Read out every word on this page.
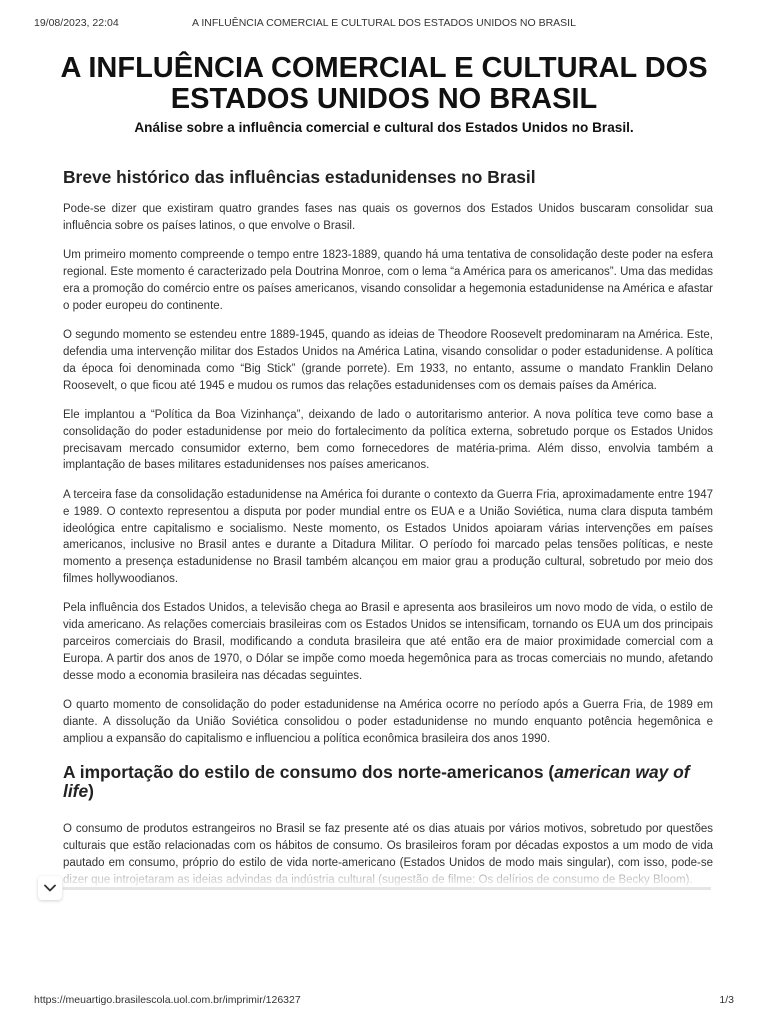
19/08/2023, 22:04	A INFLUÊNCIA COMERCIAL E CULTURAL DOS ESTADOS UNIDOS NO BRASIL
A INFLUÊNCIA COMERCIAL E CULTURAL DOS
ESTADOS UNIDOS NO BRASIL

Análise sobre a influência comercial e cultural dos Estados Unidos no Brasil.

Breve histórico das influências estadunidenses no Brasil

Pode-se dizer que existiram quatro grandes fases nas quais os governos dos Estados Unidos buscaram consolidar sua influência sobre os países latinos, o que envolve o Brasil.

Um primeiro momento compreende o tempo entre 1823-1889, quando há uma tentativa de consolidação deste poder na esfera regional. Este momento é caracterizado pela Doutrina Monroe, com o lema “a América para os americanos”. Uma das medidas era a promoção do comércio entre os países americanos, visando consolidar a hegemonia estadunidense na América e afastar o poder europeu do continente.

O segundo momento se estendeu entre 1889-1945, quando as ideias de Theodore Roosevelt predominaram na América. Este, defendia uma intervenção militar dos Estados Unidos na América Latina, visando consolidar o poder estadunidense. A política da época foi denominada como “Big Stick” (grande porrete). Em 1933, no entanto, assume o mandato Franklin Delano Roosevelt, o que ficou até 1945 e mudou os rumos das relações estadunidenses com os demais países da América.

Ele implantou a “Política da Boa Vizinhança”, deixando de lado o autoritarismo anterior. A nova política teve como base a consolidação do poder estadunidense por meio do fortalecimento da política externa, sobretudo porque os Estados Unidos precisavam mercado consumidor externo, bem como fornecedores de matéria-prima. Além disso, envolvia também a implantação de bases militares estadunidenses nos países americanos.

A terceira fase da consolidação estadunidense na América foi durante o contexto da Guerra Fria, aproximadamente entre 1947 e 1989. O contexto representou a disputa por poder mundial entre os EUA e a União Soviética, numa clara disputa também ideológica entre capitalismo e socialismo. Neste momento, os Estados Unidos apoiaram várias intervenções em países americanos, inclusive no Brasil antes e durante a Ditadura Militar. O período foi marcado pelas tensões políticas, e neste momento a presença estadunidense no Brasil também alcançou em maior grau a produção cultural, sobretudo por meio dos filmes hollywoodianos.

Pela influência dos Estados Unidos, a televisão chega ao Brasil e apresenta aos brasileiros um novo modo de vida, o estilo de vida americano. As relações comerciais brasileiras com os Estados Unidos se intensificam, tornando os EUA um dos principais parceiros comerciais do Brasil, modificando a conduta brasileira que até então era de maior proximidade comercial com a Europa. A partir dos anos de 1970, o Dólar se impõe como moeda hegemônica para as trocas comerciais no mundo, afetando desse modo a economia brasileira nas décadas seguintes.

O quarto momento de consolidação do poder estadunidense na América ocorre no período após a Guerra Fria, de 1989 em diante. A dissolução da União Soviética consolidou o poder estadunidense no mundo enquanto potência hegemônica e ampliou a expansão do capitalismo e influenciou a política econômica brasileira dos anos 1990.

A importação do estilo de consumo dos norte-americanos (american way of life)

O consumo de produtos estrangeiros no Brasil se faz presente até os dias atuais por vários motivos, sobretudo por questões culturais que estão relacionadas com os hábitos de consumo. Os brasileiros foram por décadas expostos a um modo de vida pautado em consumo, próprio do estilo de vida norte-americano (Estados Unidos de modo mais singular), com isso, pode-se

https://meuartigo.brasilescola.uol.com.br/imprimir/126327	1/3
